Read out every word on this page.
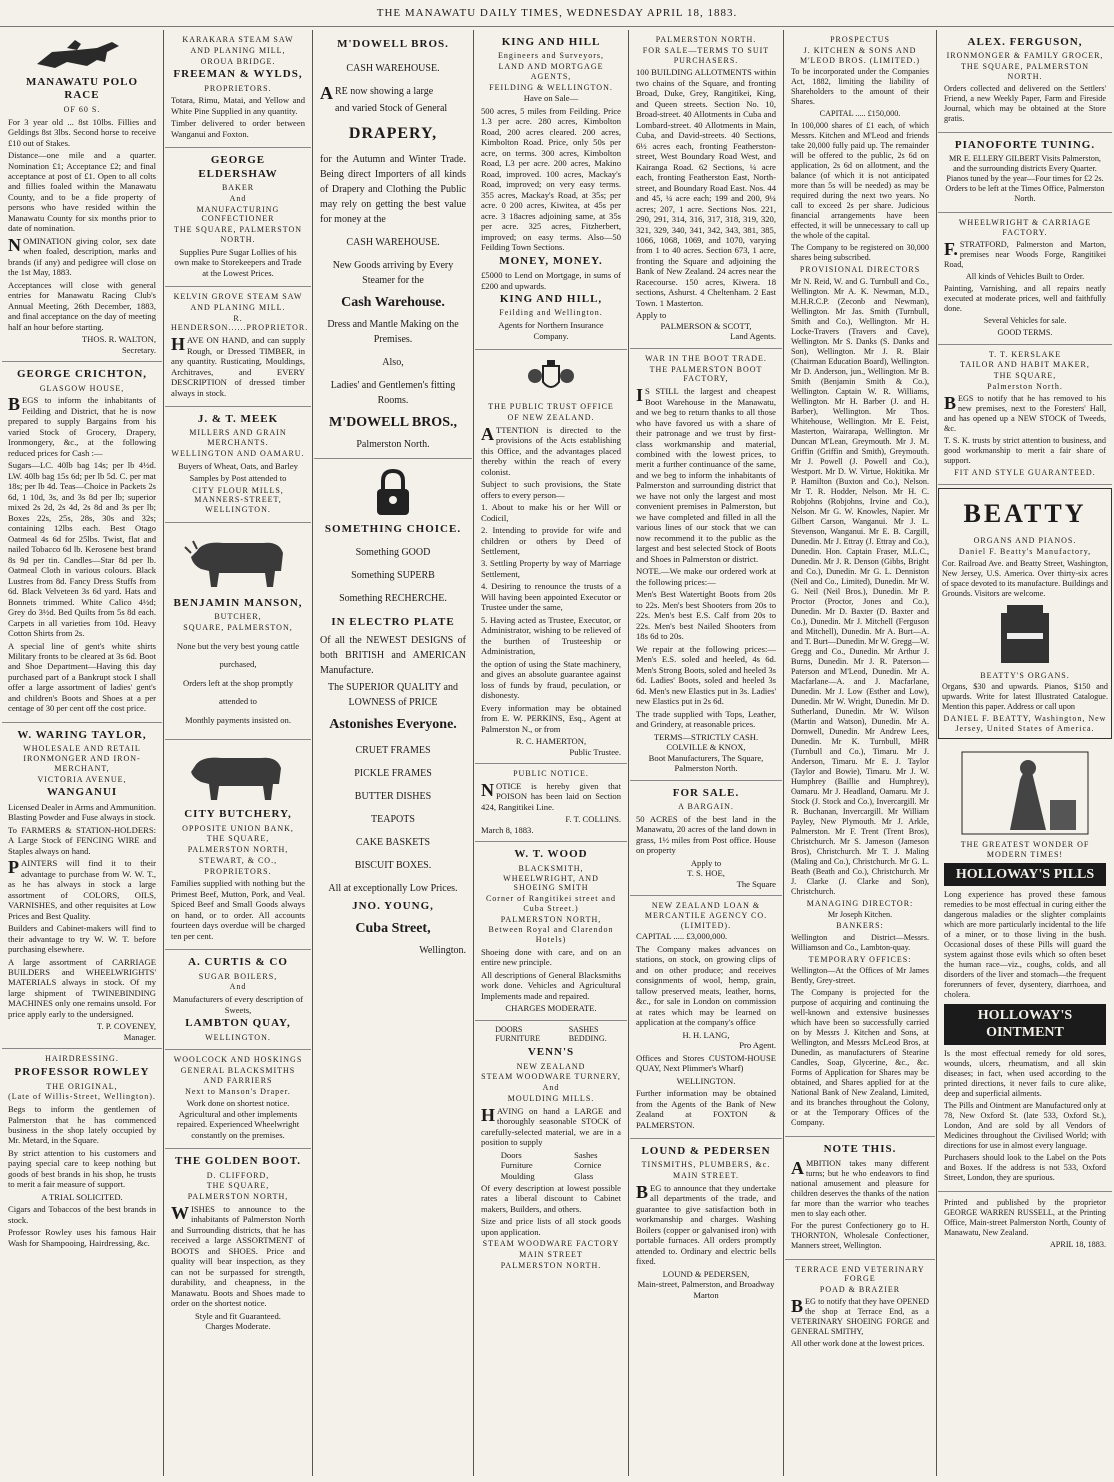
THE MANAWATU DAILY TIMES, WEDNESDAY APRIL 18, 1883.
MANAWATU POLO RACE
OF 60 S.

For 3 year old ... 8st 10lbs. Fillies and Geldings 8st 3lbs. Second horse to receive £10 out of Stakes.

Distance—one mile and a quarter. Nomination £1; Acceptance £2; and final acceptance at post of £1. Open to all colts and fillies foaled within the Manawatu County, and to be a fide property of persons who have resided within the Manawatu County for six months prior to date of nomination.

NOMINATION giving color, sex date when foaled, description, marks and brands (if any) and pedigree will close on the 1st May, 1883.

Acceptances will close with general entries for Manawatu Racing Club's Annual Meeting, 26th December, 1883, and final acceptance on the day of meeting half an hour before starting.

THOS. R. WALTON,
Secretary.
GEORGE CRICHTON,
GLASGOW HOUSE,

BEGS to inform the inhabitants of Feilding and District, that he is now prepared to supply Bargains from his varied Stock of Grocery, Drapery, Ironmongery, &c., at the following reduced prices for Cash :—

Sugars—LC. 40lb bag 14s; per lb 4½d. LW. 40lb bag 15s 6d; per lb 5d. C. per mat 18s; per lb 4d. Teas—Choice in Packets 2s 6d, 1 10d, 3s, and 3s 8d per lb; superior mixed 2s 2d, 2s 4d, 2s 8d and 3s per lb; Boxes 22s, 25s, 28s, 30s and 32s; containing 12lbs each. Best Otago Oatmeal 4s 6d for 25lbs. Twist, flat and nailed Tobacco 6d lb. Kerosene best brand 8s 9d per tin. Candles—Star 8d per lb. Oatmeal Cloth in various colours. Black Lustres from 8d. Fancy Dress Stuffs from 6d. Black Velveteen 3s 6d yard. Hats and Bonnets trimmed. White Calico 4½d; Grey do 3½d. Bed Quilts from 5s 8d each. Carpets in all varieties from 10d. Heavy Cotton Shirts from 2s.

A special line of gent's white shirts Military fronts to be cleared at 3s 6d. Boot and Shoe Department—Having this day purchased part of a Bankrupt stock I shall offer a large assortment of ladies' gent's and children's Boots and Shoes at a per centage of 30 per cent off the cost price.

W. WARING TAYLOR,
WHOLESALE AND RETAIL IRONMONGER AND IRON-MERCHANT,
VICTORIA AVENUE,
WANGANUI

Licensed Dealer in Arms and Ammunition. Blasting Powder and Fuse always in stock.

To FARMERS & STATION-HOLDERS: A Large Stock of FENCING WIRE and Staples always on hand.

PAINTERS will find it to their advantage to purchase from W. W. T., as he has always in stock a large assortment of COLORS, OILS, VARNISHES, and other requisites at Low Prices and Best Quality.

Builders and Cabinet-makers will find to their advantage to try W. W. T. before purchasing elsewhere.

A large assortment of CARRIAGE BUILDERS and WHEELWRIGHTS' MATERIALS always in stock. Of my large shipment of TWINEBINDING MACHINES only one remains unsold. For price apply early to the undersigned.

T. P. COVENEY,
Manager.
HAIRDRESSING.
PROFESSOR ROWLEY
THE ORIGINAL,
(Late of Willis-Street, Wellington).

Begs to inform the gentlemen of Palmerston that he has commenced business in the shop lately occupied by Mr. Metard, in the Square.

By strict attention to his customers and paying special care to keep nothing but goods of best brands in his shop, he trusts to merit a fair measure of support.

A TRIAL SOLICITED.

Cigars and Tobaccos of the best brands in stock.

Professor Rowley uses his famous Hair Wash for Shampooing, Hairdressing, &c.

KARAKARA STEAM SAW
AND PLANING MILL,
OROUA BRIDGE.
FREEMAN & WYLDS,
PROPRIETORS.

Totara, Rimu, Matai, and Yellow and White Pine Supplied in any quantity.

Timber delivered to order between Wanganui and Foxton.

GEORGE ELDERSHAW
BAKER
And
MANUFACTURING CONFECTIONER
THE SQUARE, PALMERSTON NORTH.

Supplies Pure Sugar Lollies of his own make to Storekeepers and Trade at the Lowest Prices.

KELVIN GROVE STEAM SAW
AND PLANING MILL.
R. HENDERSON......PROPRIETOR.

HAVE ON HAND, and can supply Rough, or Dressed TIMBER, in any quantity. Rusticating, Mouldings, Architraves, and EVERY DESCRIPTION of dressed timber always in stock.

J. & T. MEEK
MILLERS AND GRAIN MERCHANTS.
WELLINGTON AND OAMARU.

Buyers of Wheat, Oats, and Barley

Samples by Post attended to

CITY FLOUR MILLS, MANNERS-STREET, WELLINGTON.
BENJAMIN MANSON,
BUTCHER,
SQUARE, PALMERSTON,
None but the very best young cattle
purchased,
Orders left at the shop promptly
attended to
Monthly payments insisted on.
CITY BUTCHERY,
OPPOSITE UNION BANK,
THE SQUARE,
PALMERSTON NORTH,
STEWART, & CO.,
PROPRIETORS.

Families supplied with nothing but the Primest Beef, Mutton, Pork, and Veal. Spiced Beef and Small Goods always on hand, or to order. All accounts fourteen days overdue will be charged ten per cent.

A. CURTIS & CO
SUGAR BOILERS,
And

Manufacturers of every description of Sweets,

LAMBTON QUAY,
WELLINGTON.
WOOLCOCK AND HOSKINGS
GENERAL BLACKSMITHS AND FARRIERS
Next to Manson's Draper.

Work done on shortest notice. Agricultural and other implements repaired. Experienced Wheelwright constantly on the premises.

THE GOLDEN BOOT.
D. CLIFFORD,
THE SQUARE,
PALMERSTON NORTH,

WISHES to announce to the inhabitants of Palmerston North and Surrounding districts, that he has received a large ASSORTMENT of BOOTS and SHOES. Price and quality will bear inspection, as they can not be surpassed for strength, durability, and cheapness, in the Manawatu. Boots and Shoes made to order on the shortest notice.

Style and fit Guaranteed.
Charges Moderate.
M'DOWELL BROS.
CASH WAREHOUSE.

ARE now showing a large

and varied Stock of General

DRAPERY,

for the Autumn and Winter Trade. Being direct Importers of all kinds of Drapery and Clothing the Public may rely on getting the best value for money at the

CASH WAREHOUSE.

New Goods arriving by Every Steamer for the

Cash Warehouse.

Dress and Mantle Making on the Premises.

Also,

Ladies' and Gentlemen's fitting Rooms.

M'DOWELL BROS.,
Palmerston North.
SOMETHING CHOICE.
Something GOOD
Something SUPERB
Something RECHERCHE.
IN ELECTRO PLATE

Of all the NEWEST DESIGNS of both BRITISH and AMERICAN Manufacture.

The SUPERIOR QUALITY and LOWNESS of PRICE

Astonishes Everyone.
CRUET FRAMES
PICKLE FRAMES
BUTTER DISHES
TEAPOTS
CAKE BASKETS
BISCUIT BOXES.

All at exceptionally Low Prices.

JNO. YOUNG,
Cuba Street,
Wellington.
KING AND HILL
Engineers and Surveyors,
LAND AND MORTGAGE AGENTS,
FEILDING & WELLINGTON.
Have on Sale—

500 acres, 5 miles from Feilding. Price 1.3 per acre. 280 acres, Kimbolton Road, 200 acres cleared. 200 acres, Kimbolton Road. Price, only 50s per acre, on terms. 300 acres, Kimbolton Road, L3 per acre. 200 acres, Makino Road, improved. 100 acres, Mackay's Road, improved; on very easy terms. 355 acres, Mackay's Road, at 35s; per acre. 0 200 acres, Kiwitea, at 45s per acre. 3 18acres adjoining same, at 35s per acre. 325 acres, Fitzherbert, improved; on easy terms. Also—50 Feilding Town Sections.

MONEY, MONEY.

£5000 to Lend on Mortgage, in sums of £200 and upwards.

KING AND HILL,
Feilding and Wellington.

Agents for Northern Insurance Company.

THE PUBLIC TRUST OFFICE
OF NEW ZEALAND.

ATTENTION is directed to the provisions of the Acts establishing this Office, and the advantages placed thereby within the reach of every colonist.

Subject to such provisions, the State offers to every person—

1. About to make his or her Will or Codicil,

2. Intending to provide for wife and children or others by Deed of Settlement,

3. Settling Property by way of Marriage Settlement,

4. Desiring to renounce the trusts of a Will having been appointed Executor or Trustee under the same,

5. Having acted as Trustee, Executor, or Administrator, wishing to be relieved of the burthen of Trusteeship or Administration,

the option of using the State machinery, and gives an absolute guarantee against loss of funds by fraud, peculation, or dishonesty.

Every information may be obtained from E. W. PERKINS, Esq., Agent at Palmerston N., or from

R. C. HAMERTON,
Public Trustee.
PUBLIC NOTICE.

NOTICE is hereby given that POISON has been laid on Section 424, Rangitikei Line.

F. T. COLLINS.
March 8, 1883.
W. T. WOOD
BLACKSMITH, WHEELWRIGHT, AND SHOEING SMITH
Corner of Rangitikei street and Cuba Street.)
PALMERSTON NORTH,
Between Royal and Clarendon Hotels)

Shoeing done with care, and on an entire new principle.

All descriptions of General Blacksmiths work done. Vehicles and Agricultural Implements made and repaired.

CHARGES MODERATE.
DOORS
FURNITURE
SASHES
BEDDING.
VENN'S
NEW ZEALAND
STEAM WOODWARE TURNERY,
And
MOULDING MILLS.

HAVING on hand a LARGE and thoroughly seasonable STOCK of carefully-selected material, we are in a position to supply

Doors
Furniture
Moulding
Sashes
Cornice
Glass

Of every description at lowest possible rates a liberal discount to Cabinet makers, Builders, and others.

Size and price lists of all stock goods upon application.

STEAM WOODWARE FACTORY
MAIN STREET
PALMERSTON NORTH.
PALMERSTON NORTH.
FOR SALE—TERMS TO SUIT PURCHASERS.

100 BUILDING ALLOTMENTS within two chains of the Square, and fronting Broad, Duke, Grey, Rangitikei, King, and Queen streets. Section No. 10, Broad-street. 40 Allotments in Cuba and Lombard-street. 40 Allotments in Main, Cuba, and David-streets. 40 Sections, 6½ acres each, fronting Featherston-street, West Boundary Road West, and Kairanga Road. 62 Sections, ¼ acre each, fronting Featherston East, North-street, and Boundary Road East. Nos. 44 and 45, ¼ acre each; 199 and 200, 9¼ acres; 207, 1 acre. Sections Nos. 221, 290, 291, 314, 316, 317, 318, 319, 320, 321, 329, 340, 341, 342, 343, 381, 385, 1066, 1068, 1069, and 1070, varying from 1 to 40 acres. Section 673, 1 acre, fronting the Square and adjoining the Bank of New Zealand. 24 acres near the Racecourse. 150 acres, Kiwera. 18 sections, Ashurst. 4 Cheltenham. 2 East Town. 1 Masterton.

Apply to
PALMERSON & SCOTT,
Land Agents.
WAR IN THE BOOT TRADE.
THE PALMERSTON BOOT FACTORY,

IS STILL the largest and cheapest Boot Warehouse in the Manawatu, and we beg to return thanks to all those who have favored us with a share of their patronage and we trust by first-class workmanship and material, combined with the lowest prices, to merit a further continuance of the same, and we beg to inform the inhabitants of Palmerston and surrounding district that we have not only the largest and most convenient premises in Palmerston, but we have completed and filled in all the various lines of our stock that we can now recommend it to the public as the largest and best selected Stock of Boots and Shoes in Palmerston or district.

NOTE.—We make our ordered work at the following prices:—

Men's Best Watertight Boots from 20s to 22s. Men's best Shooters from 20s to 22s. Men's best E.S. Calf from 20s to 22s. Men's best Nailed Shooters from 18s 6d to 20s.

We repair at the following prices:—Men's E.S. soled and heeled, 4s 6d. Men's Strong Boots, soled and heeled 3s 6d. Ladies' Boots, soled and heeled 3s 6d. Men's new Elastics put in 3s. Ladies' new Elastics put in 2s 6d.

The trade supplied with Tops, Leather, and Grindery, at reasonable prices.

TERMS—STRICTLY CASH.
COLVILLE & KNOX,
Boot Manufacturers, The Square, Palmerston North.
FOR SALE.
A BARGAIN.

50 ACRES of the best land in the Manawatu, 20 acres of the land down in grass, 1½ miles from Post office. House on property

Apply to
T. S. HOE,
The Square
NEW ZEALAND LOAN & MERCANTILE AGENCY CO. (LIMITED).
CAPITAL ..... £3,000,000.

The Company makes advances on stations, on stock, on growing clips of and on other produce; and receives consignments of wool, hemp, grain, tallow preserved meats, leather, horns, &c., for sale in London on commission at rates which may be learned on application at the company's office

H. H. LANG,
Pro Agent.

Offices and Stores CUSTOM-HOUSE QUAY, Next Plimmer's Wharf)

WELLINGTON.

Further information may be obtained from the Agents of the Bank of New Zealand at FOXTON & PALMERSTON.

LOUND & PEDERSEN
TINSMITHS, PLUMBERS, &c.
MAIN STREET.

BEG to announce that they undertake all departments of the trade, and guarantee to give satisfaction both in workmanship and charges. Washing Boilers (copper or galvanised iron) with portable furnaces. All orders promptly attended to. Ordinary and electric bells fixed.

LOUND & PEDERSEN,
Main-street, Palmerston, and Broadway Marton
PROSPECTUS
J. KITCHEN & SONS AND M'LEOD BROS. (LIMITED.)

To be incorporated under the Companies Act, 1882, limiting the liability of Shareholders to the amount of their Shares.

CAPITAL ..... £150,000.

In 100,000 shares of £1 each, of which Messrs. Kitchen and M'Leod and friends take 20,000 fully paid up. The remainder will be offered to the public, 2s 6d on application, 2s 6d on allotment, and the balance (of which it is not anticipated more than 5s will be needed) as may be required during the next two years. No call to exceed 2s per share. Judicious financial arrangements have been effected, it will be unnecessary to call up the whole of the capital.

The Company to be registered on 30,000 shares being subscribed.

PROVISIONAL DIRECTORS

Mr N. Reid, W. and G. Turnbull and Co., Wellington. Mr A. K. Newman, M.D., M.H.R.C.P. (Zeconb and Newman), Wellington. Mr Jas. Smith (Turnbull, Smith and Co.), Wellington. Mr H. Locke-Travers (Travers and Cave), Wellington. Mr S. Danks (S. Danks and Son), Wellington. Mr J. R. Blair (Chairman Education Board), Wellington. Mr D. Anderson, jun., Wellington. Mr B. Smith (Benjamin Smith & Co.), Wellington. Captain W. R. Williams, Wellington. Mr H. Barber (J. and H. Barber), Wellington. Mr Thos. Whitehouse, Wellington. Mr E. Feist, Masterton, Wairarapa, Wellington. Mr Duncan M'Lean, Greymouth. Mr J. M. Griffin (Griffin and Smith), Greymouth. Mr J. Powell (J. Powell and Co.), Westport. Mr D. W. Virtue, Hokitika. Mr P. Hamilton (Buxton and Co.), Nelson. Mr T. R. Hodder, Nelson. Mr H. C. Robjohns (Robjohns, Irvine and Co.), Nelson. Mr G. W. Knowles, Napier. Mr Gilbert Carson, Wanganui. Mr J. L. Stevenson, Wanganui. Mr E. B. Cargill, Dunedin. Mr J. Ettray (J. Ettray and Co.), Dunedin. Hon. Captain Fraser, M.L.C., Dunedin. Mr J. R. Denson (Gibbs, Bright and Co.), Dunedin. Mr G. L. Denniston (Neil and Co., Limited), Dunedin. Mr W. G. Neil (Neil Bros.), Dunedin. Mr P. Proctor (Proctor, Jones and Co.), Dunedin. Mr D. Baxter (D. Baxter and Co.), Dunedin. Mr J. Mitchell (Ferguson and Mitchell), Dunedin. Mr A. Burt—A. and T. Burt—Dunedin. Mr W. Gregg—W. Gregg and Co., Dunedin. Mr Arthur J. Burns, Dunedin. Mr J. R. Paterson—Paterson and M'Leod, Dunedin. Mr A. Macfarlane—A. and J. Macfarlane, Dunedin. Mr J. Low (Esther and Low), Dunedin. Mr W. Wright, Dunedin. Mr D. Sutherland, Dunedin. Mr W. Wilson (Martin and Watson), Dunedin. Mr A. Dornwell, Dunedin. Mr Andrew Lees, Dunedin. Mr K. Turnbull, MHR (Turnbull and Co.), Timaru. Mr J. Anderson, Timaru. Mr E. J. Taylor (Taylor and Bowie), Timaru. Mr J. W. Humphrey (Baillie and Humphrey), Oamaru. Mr J. Headland, Oamaru. Mr J. Stock (J. Stock and Co.), Invercargill. Mr R. Buchanan, Invercargill. Mr William Payley, New Plymouth. Mr J. Arkle, Palmerston. Mr F. Trent (Trent Bros), Christchurch. Mr S. Jameson (Jameson Bros), Christchurch. Mr T. J. Maling (Maling and Co.), Christchurch. Mr G. L. Beath (Beath and Co.), Christchurch. Mr J. Clarke (J. Clarke and Son), Christchurch.

MANAGING DIRECTOR:
Mr Joseph Kitchen.
BANKERS:

Wellington and District—Messrs. Williamson and Co., Lambton-quay.

TEMPORARY OFFICES:

Wellington—At the Offices of Mr James Bently, Grey-street.

The Company is projected for the purpose of acquiring and continuing the well-known and extensive businesses which have been so successfully carried on by Messrs J. Kitchen and Sons, at Wellington, and Messrs McLeod Bros, at Dunedin, as manufacturers of Stearine Candles, Soap, Glycerine, &c., &c. Forms of Application for Shares may be obtained, and Shares applied for at the National Bank of New Zealand, Limited, and its branches throughout the Colony, or at the Temporary Offices of the Company.

NOTE THIS.

AMBITION takes many different turns; but he who endeavors to find national amusement and pleasure for children deserves the thanks of the nation far more than the warrior who teaches men to slay each other.

For the purest Confectionery go to H. THORNTON, Wholesale Confectioner, Manners street, Wellington.

TERRACE END VETERINARY FORGE
POAD & BRAZIER

BEG to notify that they have OPENED the shop at Terrace End, as a VETERINARY SHOEING FORGE and GENERAL SMITHY,

All other work done at the lowest prices.

ALEX. FERGUSON,
IRONMONGER & FAMILY GROCER,
THE SQUARE, PALMERSTON NORTH.

Orders collected and delivered on the Settlers' Friend, a new Weekly Paper, Farm and Fireside Journal, which may be obtained at the Store gratis.

PIANOFORTE TUNING.

MR E. ELLERY GILBERT Visits Palmerston, and the surrounding districts Every Quarter. Pianos tuned by the year—Four times for £2 2s. Orders to be left at the Times Office, Palmerston North.

WHEELWRIGHT & CARRIAGE FACTORY.

F.STRATFORD, Palmerston and Marton, premises near Woods Forge, Rangitikei Road,

All kinds of Vehicles Built to Order.

Painting, Varnishing, and all repairs neatly executed at moderate prices, well and faithfully done.

Several Vehicles for sale.

GOOD TERMS.
T. T. KERSLAKE
TAILOR AND HABIT MAKER,
THE SQUARE,
Palmerston North.

BEGS to notify that he has removed to his new premises, next to the Foresters' Hall, and has opened up a NEW STOCK of Tweeds, &c.

T. S. K. trusts by strict attention to business, and good workmanship to merit a fair share of support.

FIT AND STYLE GUARANTEED.
BEATTY
ORGANS AND PIANOS.
Daniel F. Beatty's Manufactory,

Cor. Railroad Ave. and Beatty Street, Washington, New Jersey, U.S. America. Over thirty-six acres of space devoted to its manufacture. Buildings and Grounds. Visitors are welcome.

BEATTY'S ORGANS.

Organs, $30 and upwards. Pianos, $150 and upwards. Write for latest Illustrated Catalogue. Mention this paper. Address or call upon

DANIEL F. BEATTY, Washington, New Jersey, United States of America.
THE GREATEST WONDER OF MODERN TIMES!
HOLLOWAY'S PILLS

Long experience has proved these famous remedies to be most effectual in curing either the dangerous maladies or the slighter complaints which are more particularly incidental to the life of a miner, or to those living in the bush. Occasional doses of these Pills will guard the system against those evils which so often beset the human race—viz., coughs, colds, and all disorders of the liver and stomach—the frequent forerunners of fever, dysentery, diarrhoea, and cholera.

HOLLOWAY'S OINTMENT

Is the most effectual remedy for old sores, wounds, ulcers, rheumatism, and all skin diseases; in fact, when used according to the printed directions, it never fails to cure alike, deep and superficial ailments.

The Pills and Ointment are Manufactured only at 78, New Oxford St. (late 533, Oxford St.), London, And are sold by all Vendors of Medicines throughout the Civilised World; with directions for use in almost every language.

Purchasers should look to the Label on the Pots and Boxes. If the address is not 533, Oxford Street, London, they are spurious.

Printed and published by the proprietor GEORGE WARREN RUSSELL, at the Printing Office, Main-street Palmerston North, County of Manawatu, New Zealand.

APRIL 18, 1883.
